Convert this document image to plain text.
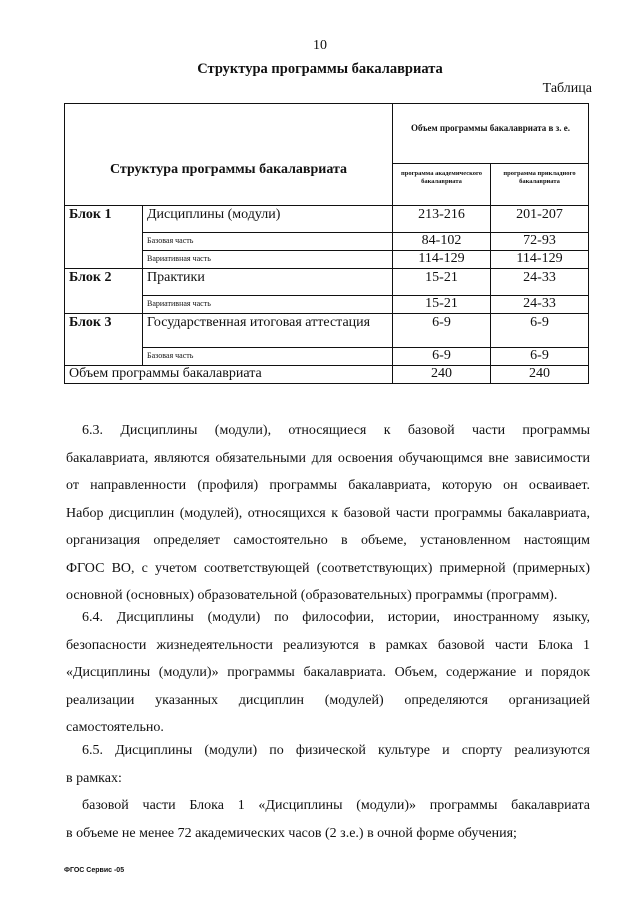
10
Структура программы бакалавриата
Таблица
Структура программы бакалавриата		Объем программы бакалавриата в з. е.	
		программа академического бакалавриата	программа прикладного бакалавриата
Блок 1	Дисциплины (модули)	213-216	201-207
	Базовая часть	84-102	72-93
	Вариативная часть	114-129	114-129
Блок 2	Практики	15-21	24-33
	Вариативная часть	15-21	24-33
Блок 3	Государственная итоговая аттестация	6-9	6-9
	Базовая часть	6-9	6-9
Объем программы бакалавриата		240	240
6.3. Дисциплины (модули), относящиеся к базовой части программы
бакалавриата, являются обязательными для освоения обучающимся вне зависимости
от направленности (профиля) программы бакалавриата, которую он осваивает.
Набор дисциплин (модулей), относящихся к базовой части программы бакалавриата,
организация определяет самостоятельно в объеме, установленном настоящим
ФГОС ВО, с учетом соответствующей (соответствующих) примерной (примерных)
основной (основных) образовательной (образовательных) программы (программ).
6.4. Дисциплины (модули) по философии, истории, иностранному языку,
безопасности жизнедеятельности реализуются в рамках базовой части Блока 1
«Дисциплины (модули)» программы бакалавриата. Объем, содержание и порядок
реализации указанных дисциплин (модулей) определяются организацией
самостоятельно.
6.5. Дисциплины (модули) по физической культуре и спорту реализуются
в рамках:
базовой части Блока 1 «Дисциплины (модули)» программы бакалавриата
в объеме не менее 72 академических часов (2 з.е.) в очной форме обучения;
ФГОС Сервис -05
